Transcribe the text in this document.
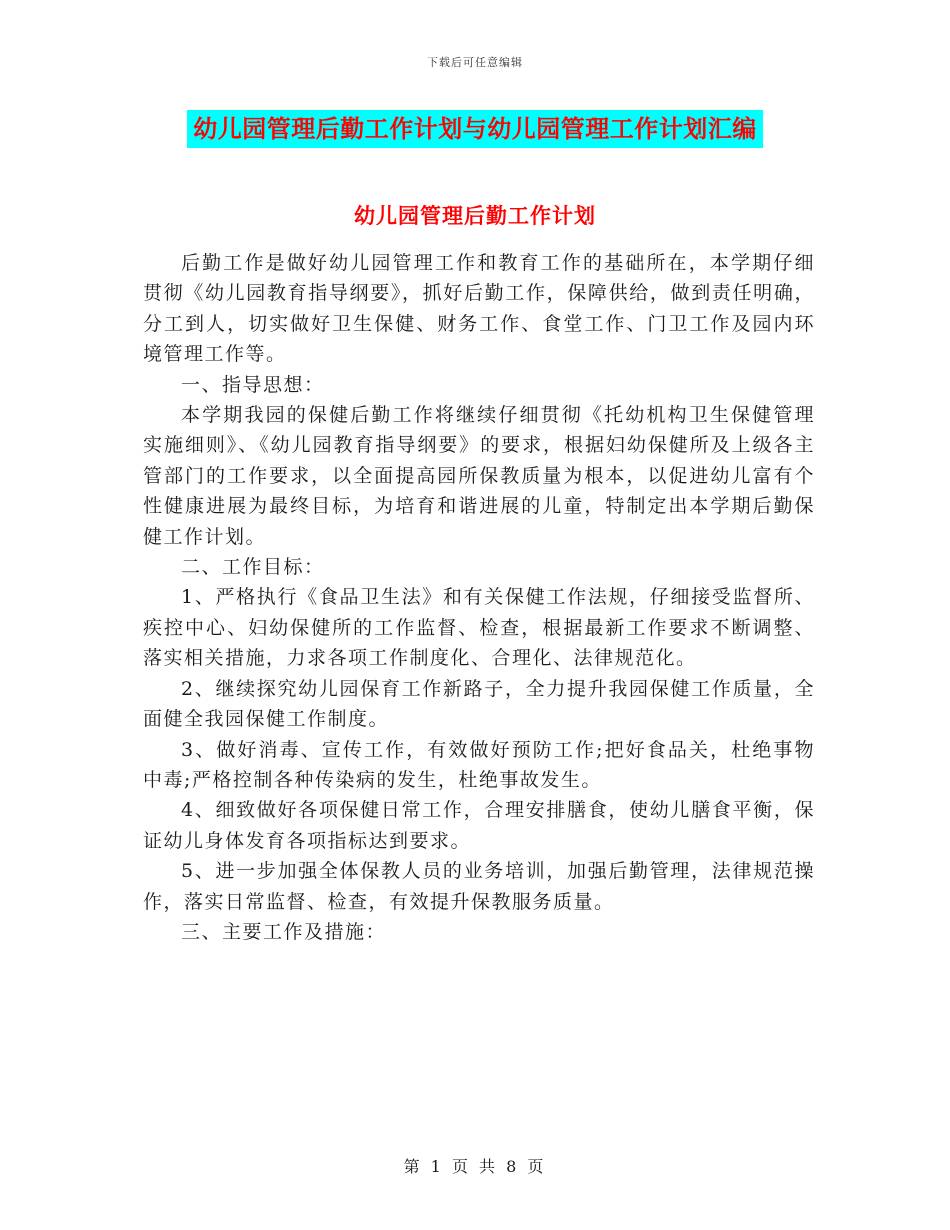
下载后可任意编辑
幼儿园管理后勤工作计划与幼儿园管理工作计划汇编
幼儿园管理后勤工作计划

后勤工作是做好幼儿园管理工作和教育工作的基础所在，本学期仔细贯彻《幼儿园教育指导纲要》，抓好后勤工作，保障供给，做到责任明确，分工到人，切实做好卫生保健、财务工作、食堂工作、门卫工作及园内环境管理工作等。

一、指导思想：

本学期我园的保健后勤工作将继续仔细贯彻《托幼机构卫生保健管理实施细则》、《幼儿园教育指导纲要》的要求，根据妇幼保健所及上级各主管部门的工作要求，以全面提高园所保教质量为根本，以促进幼儿富有个性健康进展为最终目标，为培育和谐进展的儿童，特制定出本学期后勤保健工作计划。

二、工作目标：

1、严格执行《食品卫生法》和有关保健工作法规，仔细接受监督所、疾控中心、妇幼保健所的工作监督、检查，根据最新工作要求不断调整、落实相关措施，力求各项工作制度化、合理化、法律规范化。

2、继续探究幼儿园保育工作新路子，全力提升我园保健工作质量，全面健全我园保健工作制度。

3、做好消毒、宣传工作，有效做好预防工作;把好食品关，杜绝事物中毒;严格控制各种传染病的发生，杜绝事故发生。

4、细致做好各项保健日常工作，合理安排膳食，使幼儿膳食平衡，保证幼儿身体发育各项指标达到要求。

5、进一步加强全体保教人员的业务培训，加强后勤管理，法律规范操作，落实日常监督、检查，有效提升保教服务质量。

三、主要工作及措施：

第 1 页 共 8 页
